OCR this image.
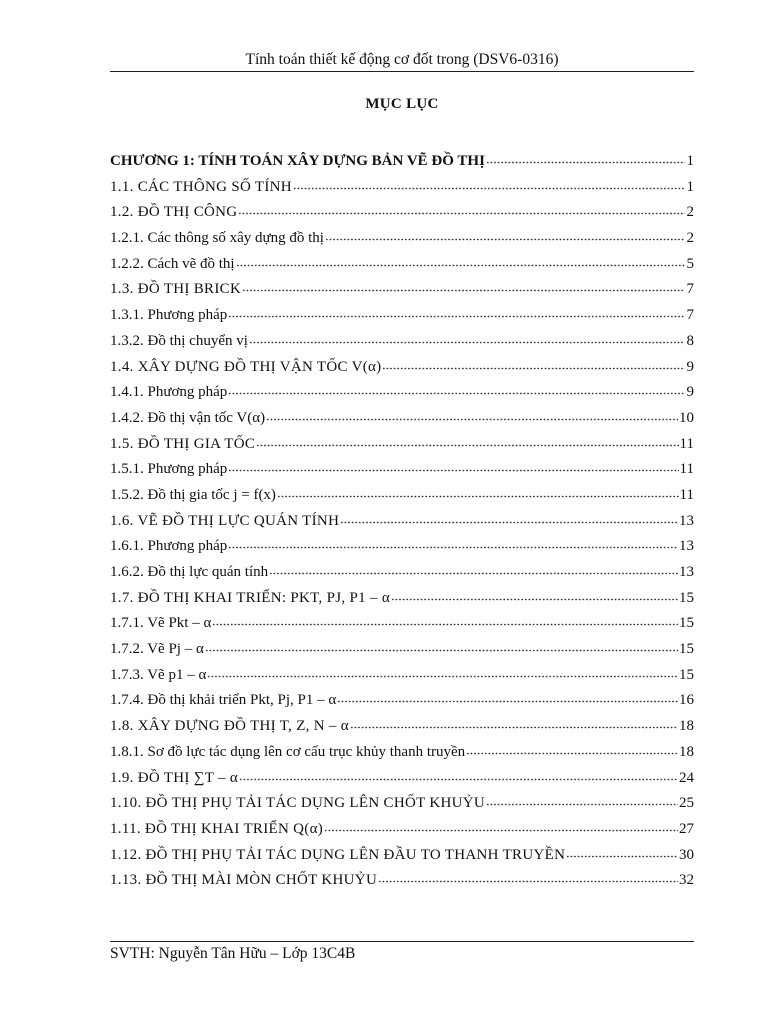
Tính toán thiết kế động cơ đốt trong (DSV6-0316)
MỤC LỤC
CHƯƠNG 1: TÍNH TOÁN XÂY DỰNG BẢN VẼ ĐỒ THỊ	1
1.1. CÁC THÔNG SỐ TÍNH	1
1.2. ĐỒ THỊ CÔNG	2
1.2.1. Các thông số xây dựng đồ thị	2
1.2.2. Cách vẽ đồ thị	5
1.3. ĐỒ THỊ BRICK	7
1.3.1. Phương pháp	7
1.3.2. Đồ thị chuyển vị	8
1.4. XÂY DỰNG ĐỒ THỊ VẬN TỐC V(α)	9
1.4.1. Phương pháp	9
1.4.2. Đồ thị vận tốc V(α)	10
1.5. ĐỒ THỊ GIA TỐC	11
1.5.1. Phương pháp	11
1.5.2. Đồ thị gia tốc j = f(x)	11
1.6. VẼ ĐỒ THỊ LỰC QUÁN TÍNH	13
1.6.1. Phương pháp	13
1.6.2. Đồ thị lực quán tính	13
1.7. ĐỒ THỊ KHAI TRIỂN: PKT, PJ, P1 – α	15
1.7.1. Vẽ Pkt – α	15
1.7.2. Vẽ Pj – α	15
1.7.3. Vẽ p1 – α	15
1.7.4. Đồ thị khải triển Pkt, Pj, P1 – α	16
1.8. XÂY DỰNG ĐỒ THỊ T, Z, N – α	18
1.8.1. Sơ đồ lực tác dụng lên cơ cấu trục khủy thanh truyền	18
1.9. ĐỒ THỊ ∑T – α	24
1.10. ĐỒ THỊ PHỤ TẢI TÁC DỤNG LÊN CHỐT KHUỶU	25
1.11. ĐỒ THỊ KHAI TRIỂN Q(α)	27
1.12. ĐỒ THỊ PHỤ TẢI TÁC DỤNG LÊN ĐẦU TO THANH TRUYỀN	30
1.13. ĐỒ THỊ MÀI MÒN CHỐT KHUỶU	32
SVTH: Nguyễn Tân Hữu – Lớp 13C4B
